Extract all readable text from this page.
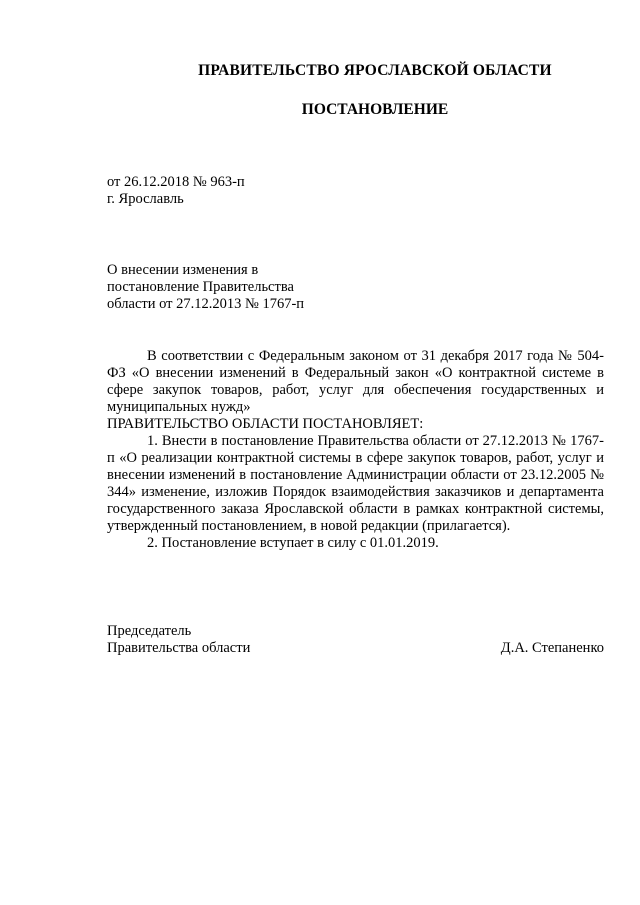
ПРАВИТЕЛЬСТВО ЯРОСЛАВСКОЙ ОБЛАСТИ
ПОСТАНОВЛЕНИЕ
от 26.12.2018 № 963-п
г. Ярославль
О внесении изменения в
постановление Правительства
области от 27.12.2013 № 1767-п

В соответствии с Федеральным законом от 31 декабря 2017 года № 504-ФЗ «О внесении изменений в Федеральный закон «О контрактной системе в сфере закупок товаров, работ, услуг для обеспечения государственных и муниципальных нужд»

ПРАВИТЕЛЬСТВО ОБЛАСТИ ПОСТАНОВЛЯЕТ:

1. Внести в постановление Правительства области от 27.12.2013 № 1767-п «О реализации контрактной системы в сфере закупок товаров, работ, услуг и внесении изменений в постановление Администрации области от 23.12.2005 № 344» изменение, изложив Порядок взаимодействия заказчиков и департамента государственного заказа Ярославской области в рамках контрактной системы, утвержденный постановлением, в новой редакции (прилагается).

2. Постановление вступает в силу с 01.01.2019.

Председатель
Правительства области	Д.А. Степаненко
